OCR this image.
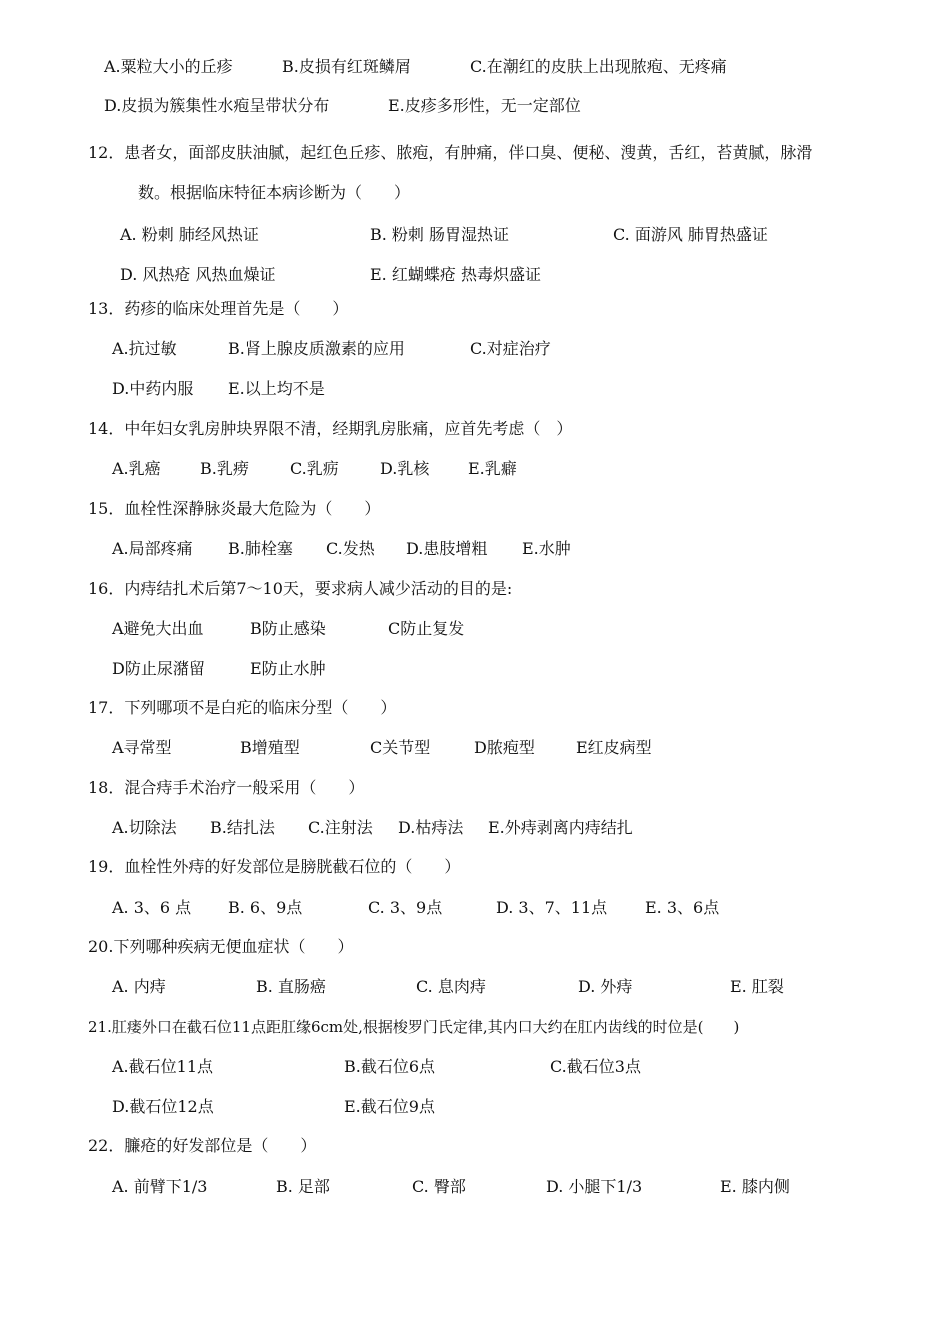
A.粟粒大小的丘疹	B.皮损有红斑鳞屑	C.在潮红的皮肤上出现脓疱、无疼痛
D.皮损为簇集性水疱呈带状分布	E.皮疹多形性，无一定部位
12．患者女，面部皮肤油腻，起红色丘疹、脓疱，有肿痛，伴口臭、便秘、溲黄，舌红，苔黄腻，脉滑
数。根据临床特征本病诊断为（　　）
A. 粉刺 肺经风热证	B. 粉刺 肠胃湿热证	C. 面游风 肺胃热盛证
D. 风热疮 风热血燥证	E. 红蝴蝶疮 热毒炽盛证
13．药疹的临床处理首先是（　　）
A.抗过敏	B.肾上腺皮质激素的应用	C.对症治疗
D.中药内服 E.以上均不是
14．中年妇女乳房肿块界限不清，经期乳房胀痛，应首先考虑（　）
A.乳癌 B.乳痨	C.乳疬	D.乳核 E.乳癖
15．血栓性深静脉炎最大危险为（　　）
A.局部疼痛 B.肺栓塞 C.发热 D.患肢增粗 E.水肿
16．内痔结扎术后第7～10天，要求病人减少活动的目的是:
A避免大出血	B防止感染	C防止复发
D防止尿潴留	E防止水肿
17．下列哪项不是白疕的临床分型（　　）
A寻常型	B增殖型	C关节型	D脓疱型	E红皮病型
18．混合痔手术治疗一般采用（　　）
A.切除法 B.结扎法 C.注射法 D.枯痔法 E.外痔剥离内痔结扎
19．血栓性外痔的好发部位是膀胱截石位的（　　）
A. 3、6 点 B. 6、9点	C. 3、9点	D. 3、7、11点 E. 3、6点
20.下列哪种疾病无便血症状（　　）
A. 内痔	B. 直肠癌	C. 息肉痔	D. 外痔	E. 肛裂
21.肛瘘外口在截石位11点距肛缘6cm处,根据梭罗门氏定律,其内口大约在肛内齿线的时位是(　　)
A.截石位11点	B.截石位6点	C.截石位3点
D.截石位12点	E.截石位9点
22．臁疮的好发部位是（　　）
A. 前臂下1/3	B. 足部	C. 臀部	D. 小腿下1/3	E. 膝内侧
